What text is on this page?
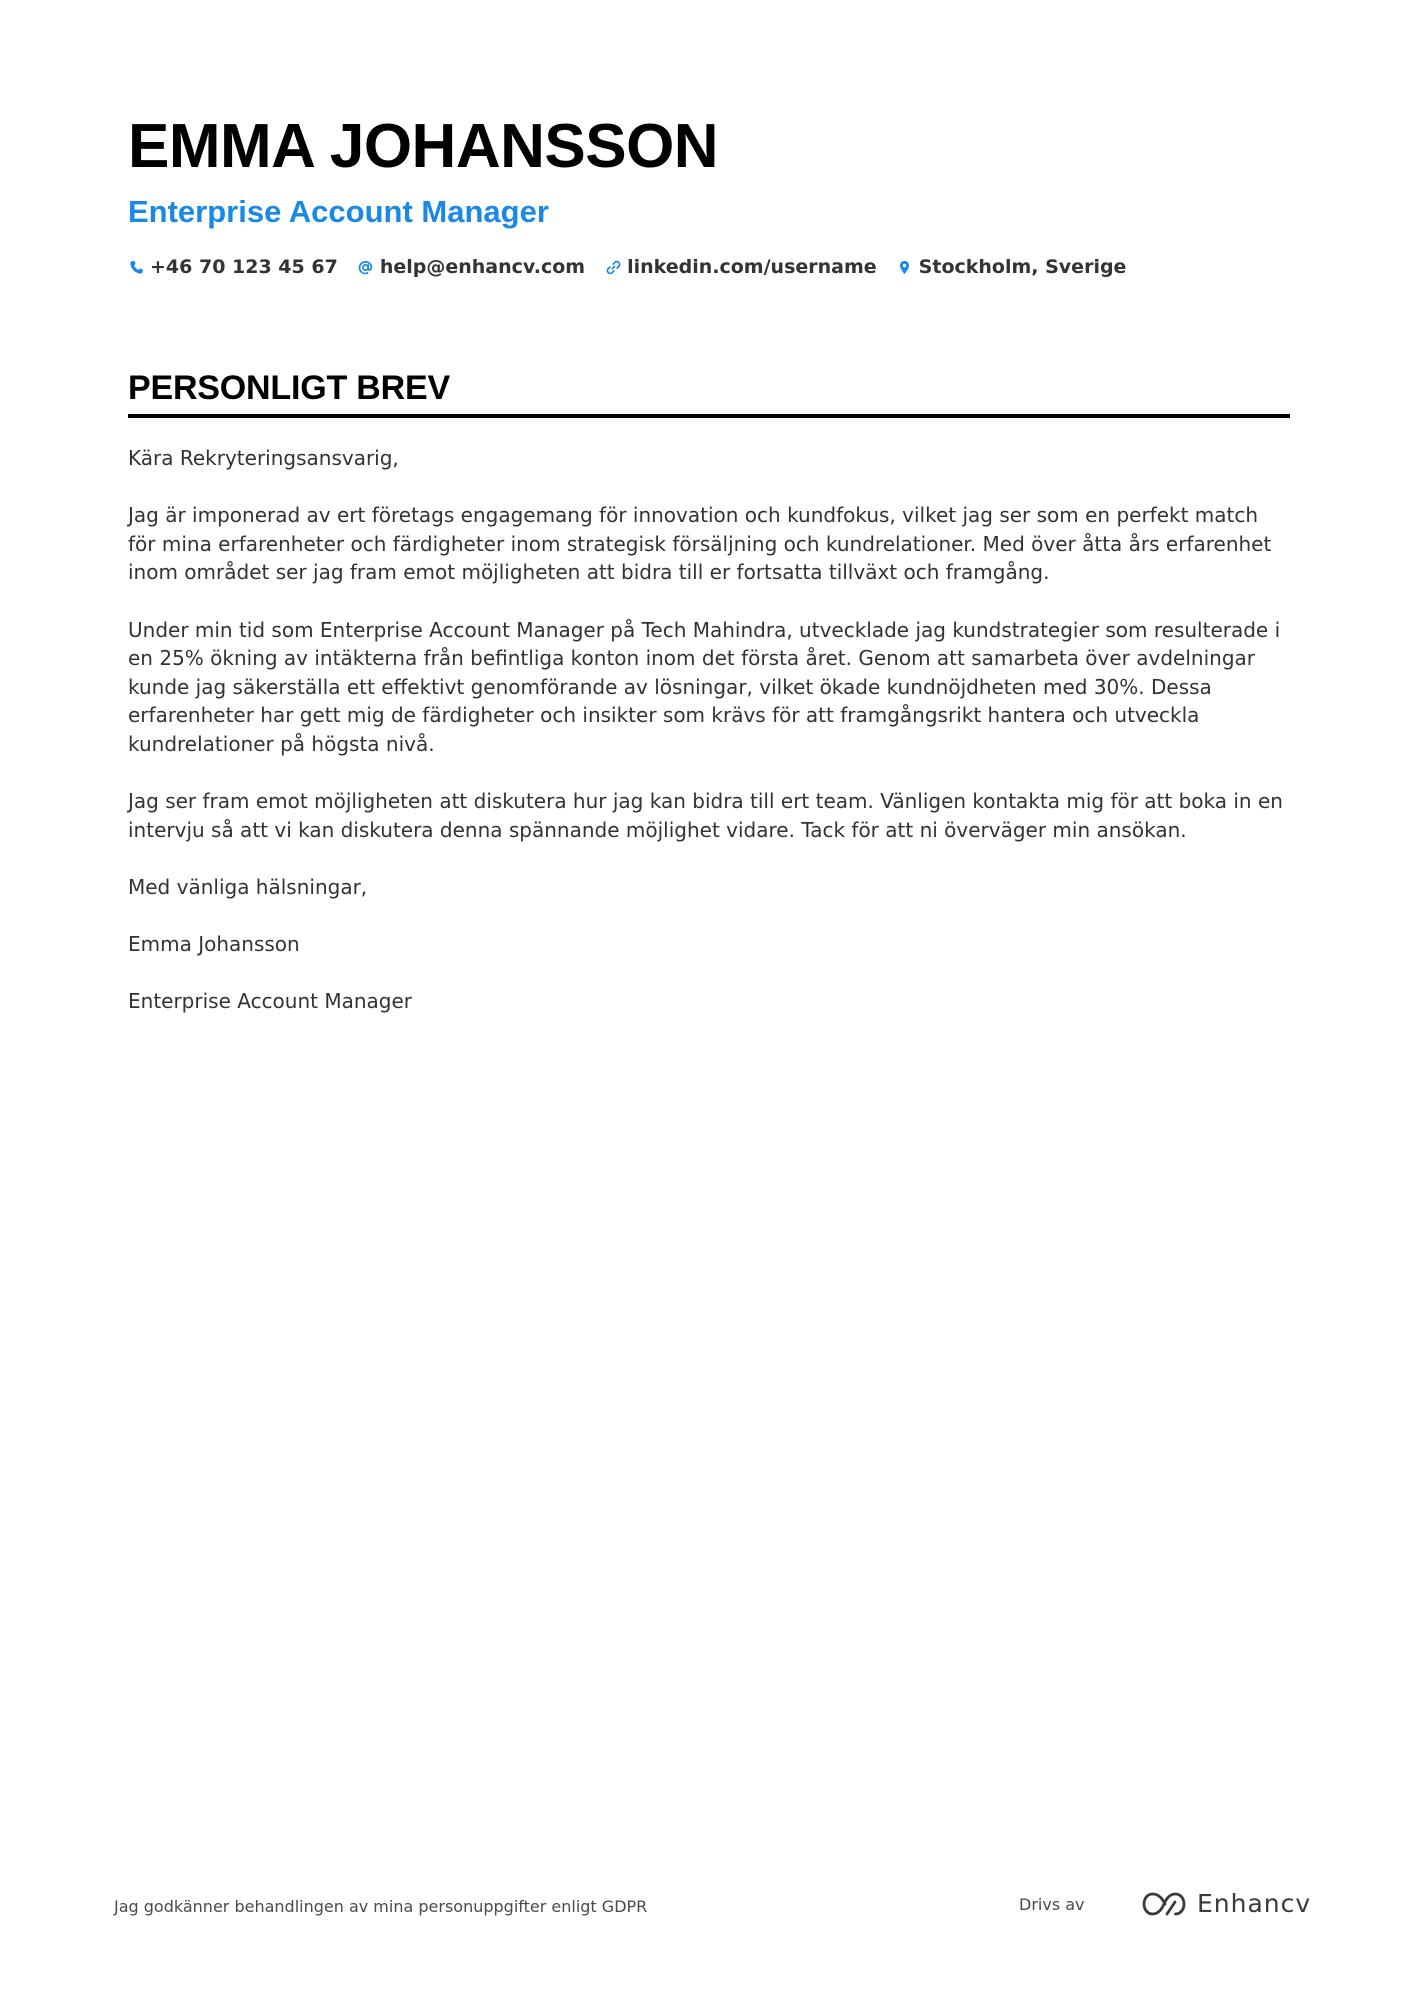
EMMA JOHANSSON
Enterprise Account Manager
+46 70 123 45 67 help@enhancv.com linkedin.com/username Stockholm, Sverige
PERSONLIGT BREV

Kära Rekryteringsansvarig,

Jag är imponerad av ert företags engagemang för innovation och kundfokus, vilket jag ser som en perfekt match för mina erfarenheter och färdigheter inom strategisk försäljning och kundrelationer. Med över åtta års erfarenhet inom området ser jag fram emot möjligheten att bidra till er fortsatta tillväxt och framgång.

Under min tid som Enterprise Account Manager på Tech Mahindra, utvecklade jag kundstrategier som resulterade i en 25% ökning av intäkterna från befintliga konton inom det första året. Genom att samarbeta över avdelningar kunde jag säkerställa ett effektivt genomförande av lösningar, vilket ökade kundnöjdheten med 30%. Dessa erfarenheter har gett mig de färdigheter och insikter som krävs för att framgångsrikt hantera och utveckla kundrelationer på högsta nivå.

Jag ser fram emot möjligheten att diskutera hur jag kan bidra till ert team. Vänligen kontakta mig för att boka in en intervju så att vi kan diskutera denna spännande möjlighet vidare. Tack för att ni överväger min ansökan.

Med vänliga hälsningar,

Emma Johansson

Enterprise Account Manager

Jag godkänner behandlingen av mina personuppgifter enligt GDPR	Drivs av	Enhancv
